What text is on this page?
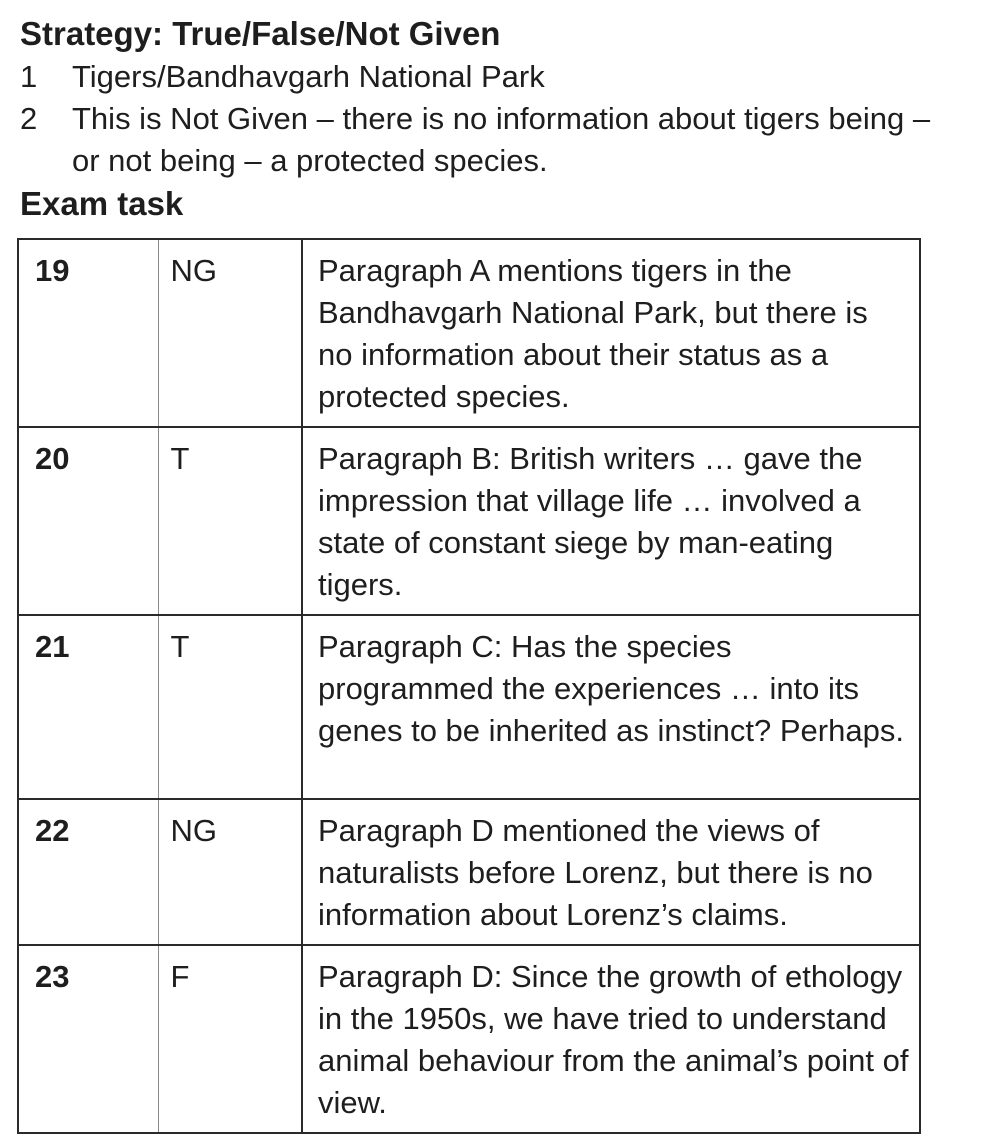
Strategy: True/False/Not Given
1 Tigers/Bandhavgarh National Park
2 This is Not Given – there is no information about tigers being – or not being – a protected species.
Exam task
19	NG	Paragraph A mentions tigers in the Bandhavgarh National Park, but there is no information about their status as a protected species.
20	T	Paragraph B: British writers … gave the impression that village life … involved a state of constant siege by man-eating tigers.
21	T	Paragraph C: Has the species programmed the experiences … into its genes to be inherited as instinct? Perhaps.
22	NG	Paragraph D mentioned the views of naturalists before Lorenz, but there is no information about Lorenz’s claims.
23	F	Paragraph D: Since the growth of ethology in the 1950s, we have tried to understand animal behaviour from the animal’s point of view.
